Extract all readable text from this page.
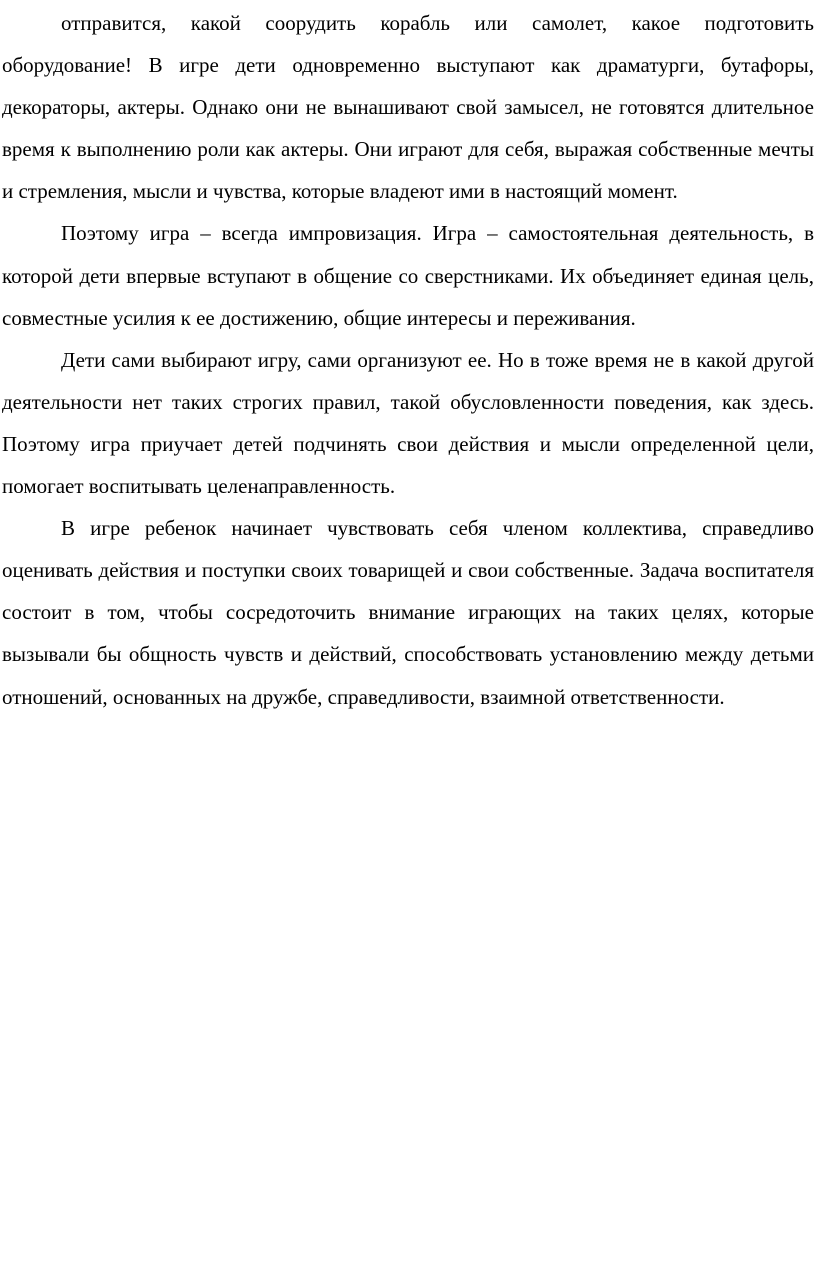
отправится, какой соорудить корабль или самолет, какое подготовить оборудование! В игре дети одновременно выступают как драматурги, бутафоры, декораторы, актеры. Однако они не вынашивают свой замысел, не готовятся длительное время к выполнению роли как актеры. Они играют для себя, выражая собственные мечты и стремления, мысли и чувства, которые владеют ими в настоящий момент.

Поэтому игра – всегда импровизация. Игра – самостоятельная деятельность, в которой дети впервые вступают в общение со сверстниками. Их объединяет единая цель, совместные усилия к ее достижению, общие интересы и переживания.

Дети сами выбирают игру, сами организуют ее. Но в тоже время не в какой другой деятельности нет таких строгих правил, такой обусловленности поведения, как здесь. Поэтому игра приучает детей подчинять свои действия и мысли определенной цели, помогает воспитывать целенаправленность.

В игре ребенок начинает чувствовать себя членом коллектива, справедливо оценивать действия и поступки своих товарищей и свои собственные. Задача воспитателя состоит в том, чтобы сосредоточить внимание играющих на таких целях, которые вызывали бы общность чувств и действий, способствовать установлению между детьми отношений, основанных на дружбе, справедливости, взаимной ответственности.
